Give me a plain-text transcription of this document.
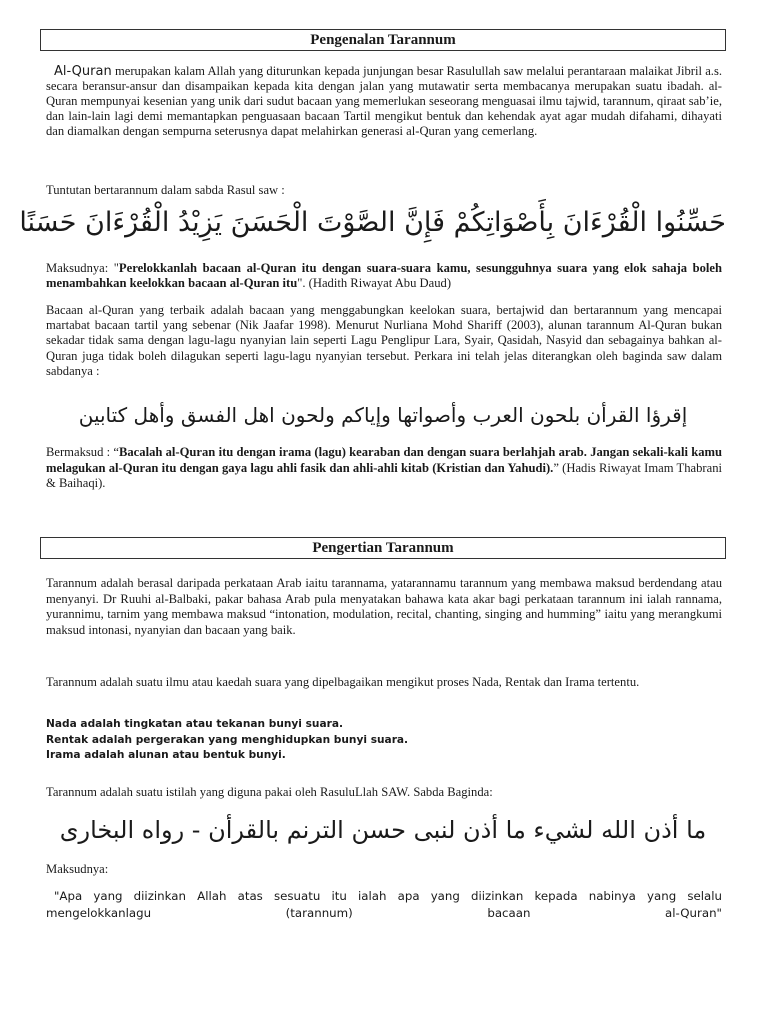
Pengenalan Tarannum
Al-Quran merupakan kalam Allah yang diturunkan kepada junjungan besar Rasulullah saw melalui perantaraan malaikat Jibril a.s. secara beransur-ansur dan disampaikan kepada kita dengan jalan yang mutawatir serta membacanya merupakan suatu ibadah. al-Quran mempunyai kesenian yang unik dari sudut bacaan yang memerlukan seseorang menguasai ilmu tajwid, tarannum, qiraat sab’ie, dan lain-lain lagi demi memantapkan penguasaan bacaan Tartil mengikut bentuk dan kehendak ayat agar mudah difahami, dihayati dan diamalkan dengan sempurna seterusnya dapat melahirkan generasi al-Quran yang cemerlang.
Tuntutan bertarannum dalam sabda Rasul saw :
حَسِّنُوا الْقُرْءَانَ بِأَصْوَاتِكُمْ فَإِنَّ الصَّوْتَ الْحَسَنَ يَزِيْدُ الْقُرْءَانَ حَسَنًا
Maksudnya: "Perelokkanlah bacaan al-Quran itu dengan suara-suara kamu, sesungguhnya suara yang elok sahaja boleh menambahkan keelokkan bacaan al-Quran itu". (Hadith Riwayat Abu Daud)
Bacaan al-Quran yang terbaik adalah bacaan yang menggabungkan keelokan suara, bertajwid dan bertarannum yang mencapai martabat bacaan tartil yang sebenar (Nik Jaafar 1998). Menurut Nurliana Mohd Shariff (2003), alunan tarannum Al-Quran bukan sekadar tidak sama dengan lagu-lagu nyanyian lain seperti Lagu Penglipur Lara, Syair, Qasidah, Nasyid dan sebagainya bahkan al-Quran juga tidak boleh dilagukan seperti lagu-lagu nyanyian tersebut. Perkara ini telah jelas diterangkan oleh baginda saw dalam sabdanya :
إقرؤا القرأن بلحون العرب وأصواتها وإياكم ولحون اهل الفسق وأهل كتابين
Bermaksud : “Bacalah al-Quran itu dengan irama (lagu) kearaban dan dengan suara berlahjah arab. Jangan sekali-kali kamu melagukan al-Quran itu dengan gaya lagu ahli fasik dan ahli-ahli kitab (Kristian dan Yahudi).” (Hadis Riwayat Imam Thabrani & Baihaqi).
Pengertian Tarannum
Tarannum adalah berasal daripada perkataan Arab iaitu tarannama, yatarannamu tarannum yang membawa maksud berdendang atau menyanyi. Dr Ruuhi al-Balbaki, pakar bahasa Arab pula menyatakan bahawa kata akar bagi perkataan tarannum ini ialah rannama, yurannimu, tarnim yang membawa maksud “intonation, modulation, recital, chanting, singing and humming” iaitu yang merangkumi maksud intonasi, nyanyian dan bacaan yang baik.
Tarannum adalah suatu ilmu atau kaedah suara yang dipelbagaikan mengikut proses Nada, Rentak dan Irama tertentu.
Nada adalah tingkatan atau tekanan bunyi suara.
Rentak adalah pergerakan yang menghidupkan bunyi suara.
Irama adalah alunan atau bentuk bunyi.
Tarannum adalah suatu istilah yang diguna pakai oleh RasuluLlah SAW. Sabda Baginda:
ما أذن الله لشيء ما أذن لنبى حسن الترنم بالقرأن - رواه البخارى
Maksudnya:
"Apa yang diizinkan Allah atas sesuatu itu ialah apa yang diizinkan kepada nabinya yang selalu
mengelokkanlagu (tarannum) bacaan al-Quran"
